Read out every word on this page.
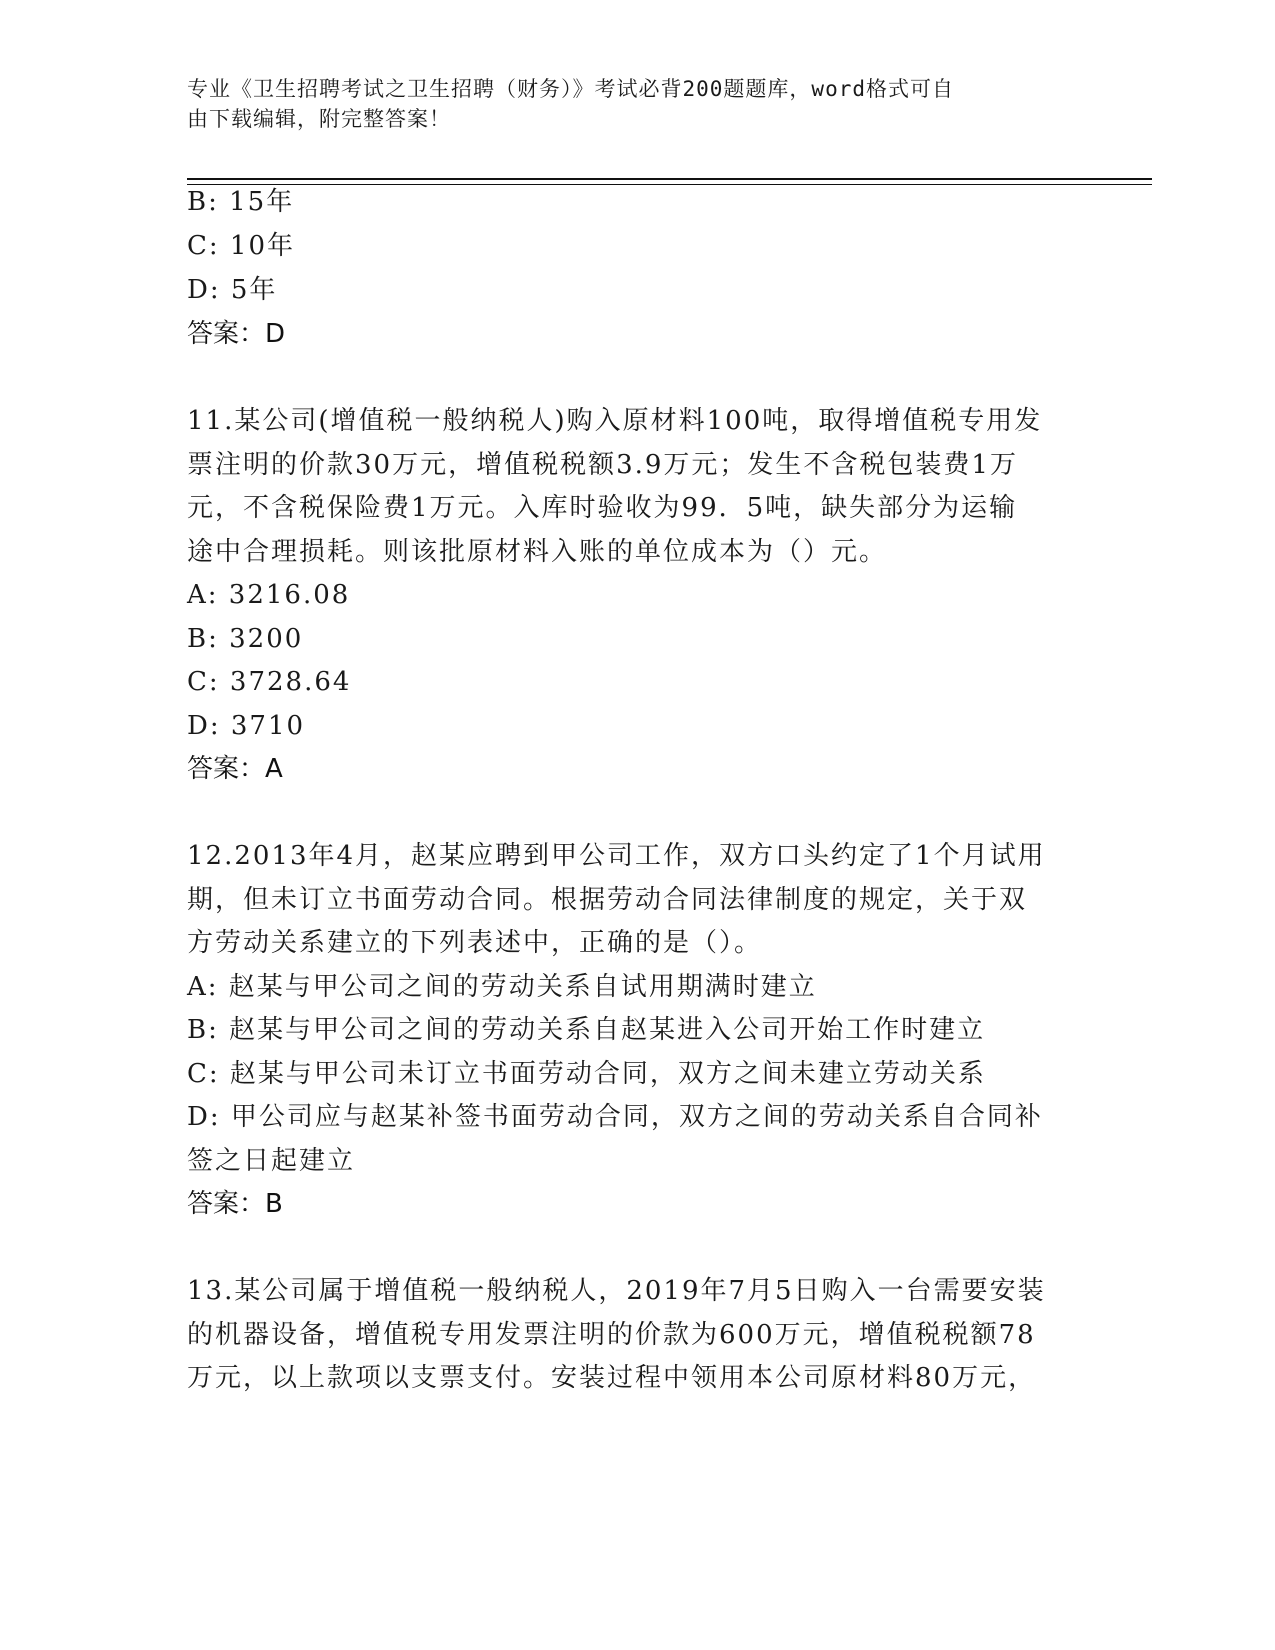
专业《卫生招聘考试之卫生招聘（财务）》考试必背200题题库，word格式可自
由下载编辑，附完整答案！
B: 15年
C: 10年
D: 5年
答案：D
11.某公司(增值税一般纳税人)购入原材料100吨，取得增值税专用发
票注明的价款30万元，增值税税额3.9万元；发生不含税包装费1万
元，不含税保险费1万元。入库时验收为99．5吨，缺失部分为运输
途中合理损耗。则该批原材料入账的单位成本为（）元。
A: 3216.08
B: 3200
C: 3728.64
D: 3710
答案：A
12.2013年4月，赵某应聘到甲公司工作，双方口头约定了1个月试用
期，但未订立书面劳动合同。根据劳动合同法律制度的规定，关于双
方劳动关系建立的下列表述中，正确的是（）。
A: 赵某与甲公司之间的劳动关系自试用期满时建立
B: 赵某与甲公司之间的劳动关系自赵某进入公司开始工作时建立
C: 赵某与甲公司未订立书面劳动合同，双方之间未建立劳动关系
D: 甲公司应与赵某补签书面劳动合同，双方之间的劳动关系自合同补
签之日起建立
答案：B
13.某公司属于增值税一般纳税人，2019年7月5日购入一台需要安装
的机器设备，增值税专用发票注明的价款为600万元，增值税税额78
万元，以上款项以支票支付。安装过程中领用本公司原材料80万元，
